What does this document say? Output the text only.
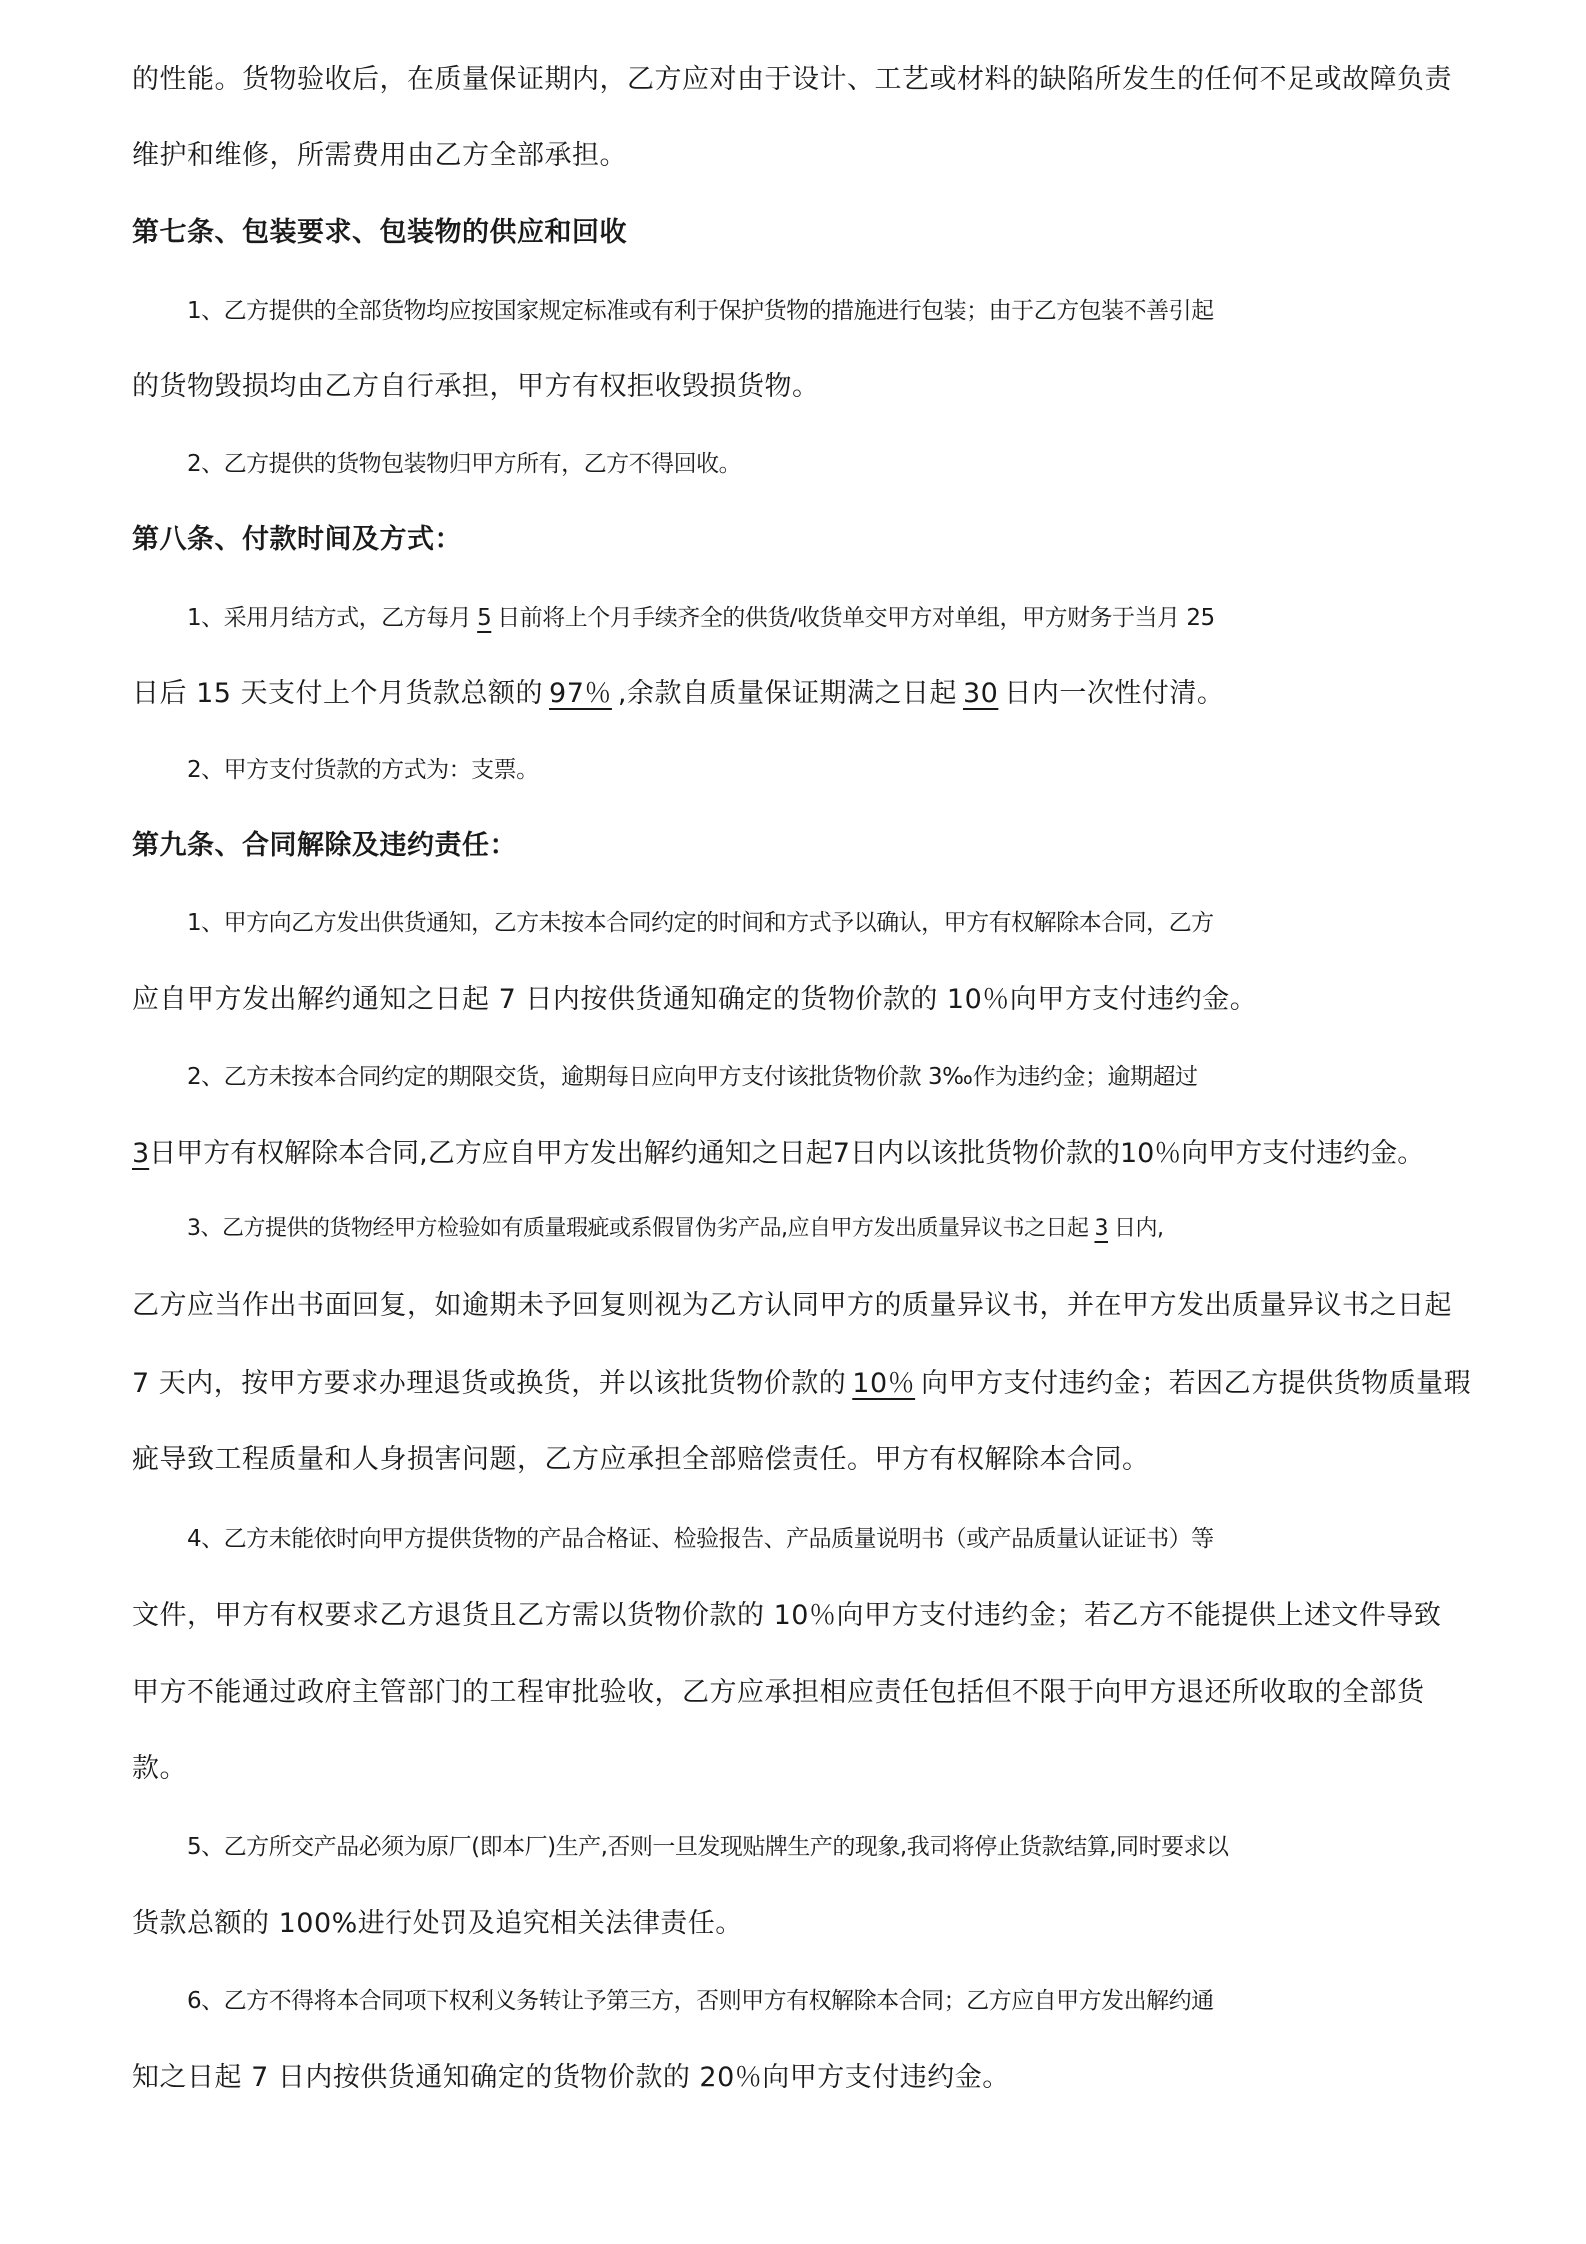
的性能。货物验收后，在质量保证期内，乙方应对由于设计、工艺或材料的缺陷所发生的任何不足或故障负责
维护和维修，所需费用由乙方全部承担。
第七条、包装要求、包装物的供应和回收
1、乙方提供的全部货物均应按国家规定标准或有利于保护货物的措施进行包装；由于乙方包装不善引起
的货物毁损均由乙方自行承担，甲方有权拒收毁损货物。
2、乙方提供的货物包装物归甲方所有，乙方不得回收。
第八条、付款时间及方式：
1、采用月结方式，乙方每月 5 日前将上个月手续齐全的供货/收货单交甲方对单组，甲方财务于当月 25
日后 15 天支付上个月货款总额的 97％ ,余款自质量保证期满之日起 30 日内一次性付清。
2、甲方支付货款的方式为：支票。
第九条、合同解除及违约责任：
1、甲方向乙方发出供货通知，乙方未按本合同约定的时间和方式予以确认，甲方有权解除本合同，乙方
应自甲方发出解约通知之日起 7 日内按供货通知确定的货物价款的 10％向甲方支付违约金。
2、乙方未按本合同约定的期限交货，逾期每日应向甲方支付该批货物价款 3‰作为违约金；逾期超过
3日甲方有权解除本合同,乙方应自甲方发出解约通知之日起7日内以该批货物价款的10％向甲方支付违约金。
3、乙方提供的货物经甲方检验如有质量瑕疵或系假冒伪劣产品,应自甲方发出质量异议书之日起 3 日内,
乙方应当作出书面回复，如逾期未予回复则视为乙方认同甲方的质量异议书，并在甲方发出质量异议书之日起
7 天内，按甲方要求办理退货或换货，并以该批货物价款的 10％ 向甲方支付违约金；若因乙方提供货物质量瑕
疵导致工程质量和人身损害问题，乙方应承担全部赔偿责任。甲方有权解除本合同。
4、乙方未能依时向甲方提供货物的产品合格证、检验报告、产品质量说明书（或产品质量认证证书）等
文件，甲方有权要求乙方退货且乙方需以货物价款的 10％向甲方支付违约金；若乙方不能提供上述文件导致
甲方不能通过政府主管部门的工程审批验收，乙方应承担相应责任包括但不限于向甲方退还所收取的全部货
款。
5、乙方所交产品必须为原厂(即本厂)生产,否则一旦发现贴牌生产的现象,我司将停止货款结算,同时要求以
货款总额的 100%进行处罚及追究相关法律责任。
6、乙方不得将本合同项下权利义务转让予第三方，否则甲方有权解除本合同；乙方应自甲方发出解约通
知之日起 7 日内按供货通知确定的货物价款的 20％向甲方支付违约金。
